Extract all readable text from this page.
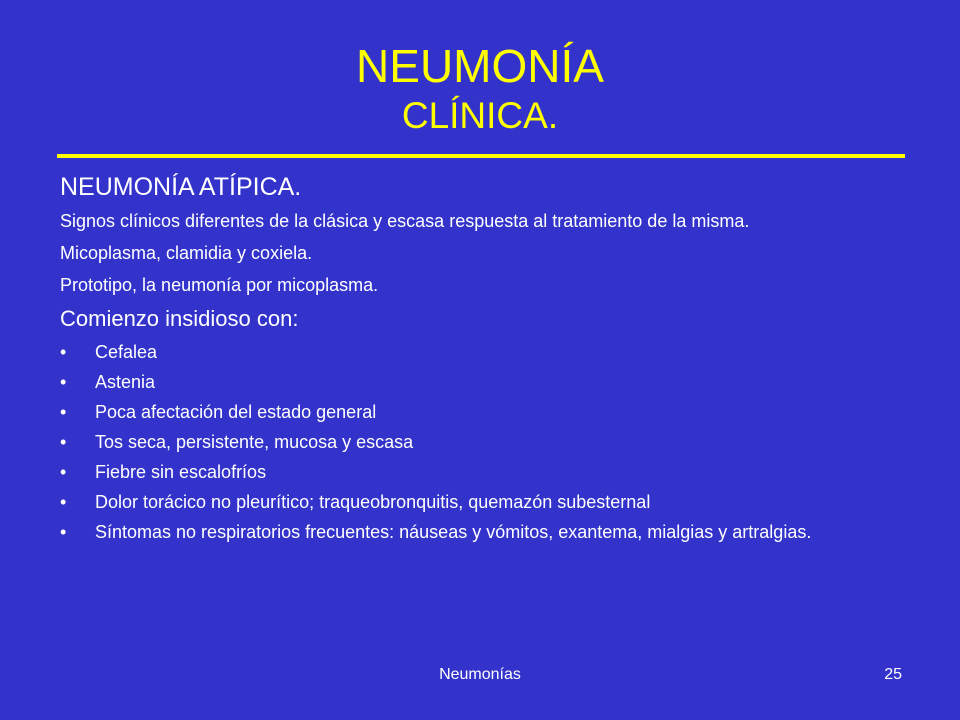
NEUMONÍA
CLÍNICA.
NEUMONÍA ATÍPICA.
Signos clínicos diferentes de la clásica y escasa respuesta al tratamiento de la misma.
Micoplasma, clamidia y coxiela.
Prototipo, la neumonía por micoplasma.
Comienzo insidioso con:
• Cefalea
• Astenia
• Poca afectación del estado general
• Tos seca, persistente, mucosa y escasa
• Fiebre sin escalofríos
• Dolor torácico no pleurítico; traqueobronquitis, quemazón subesternal
• Síntomas no respiratorios frecuentes: náuseas y vómitos, exantema, mialgias y artralgias.
Neumonías	25
